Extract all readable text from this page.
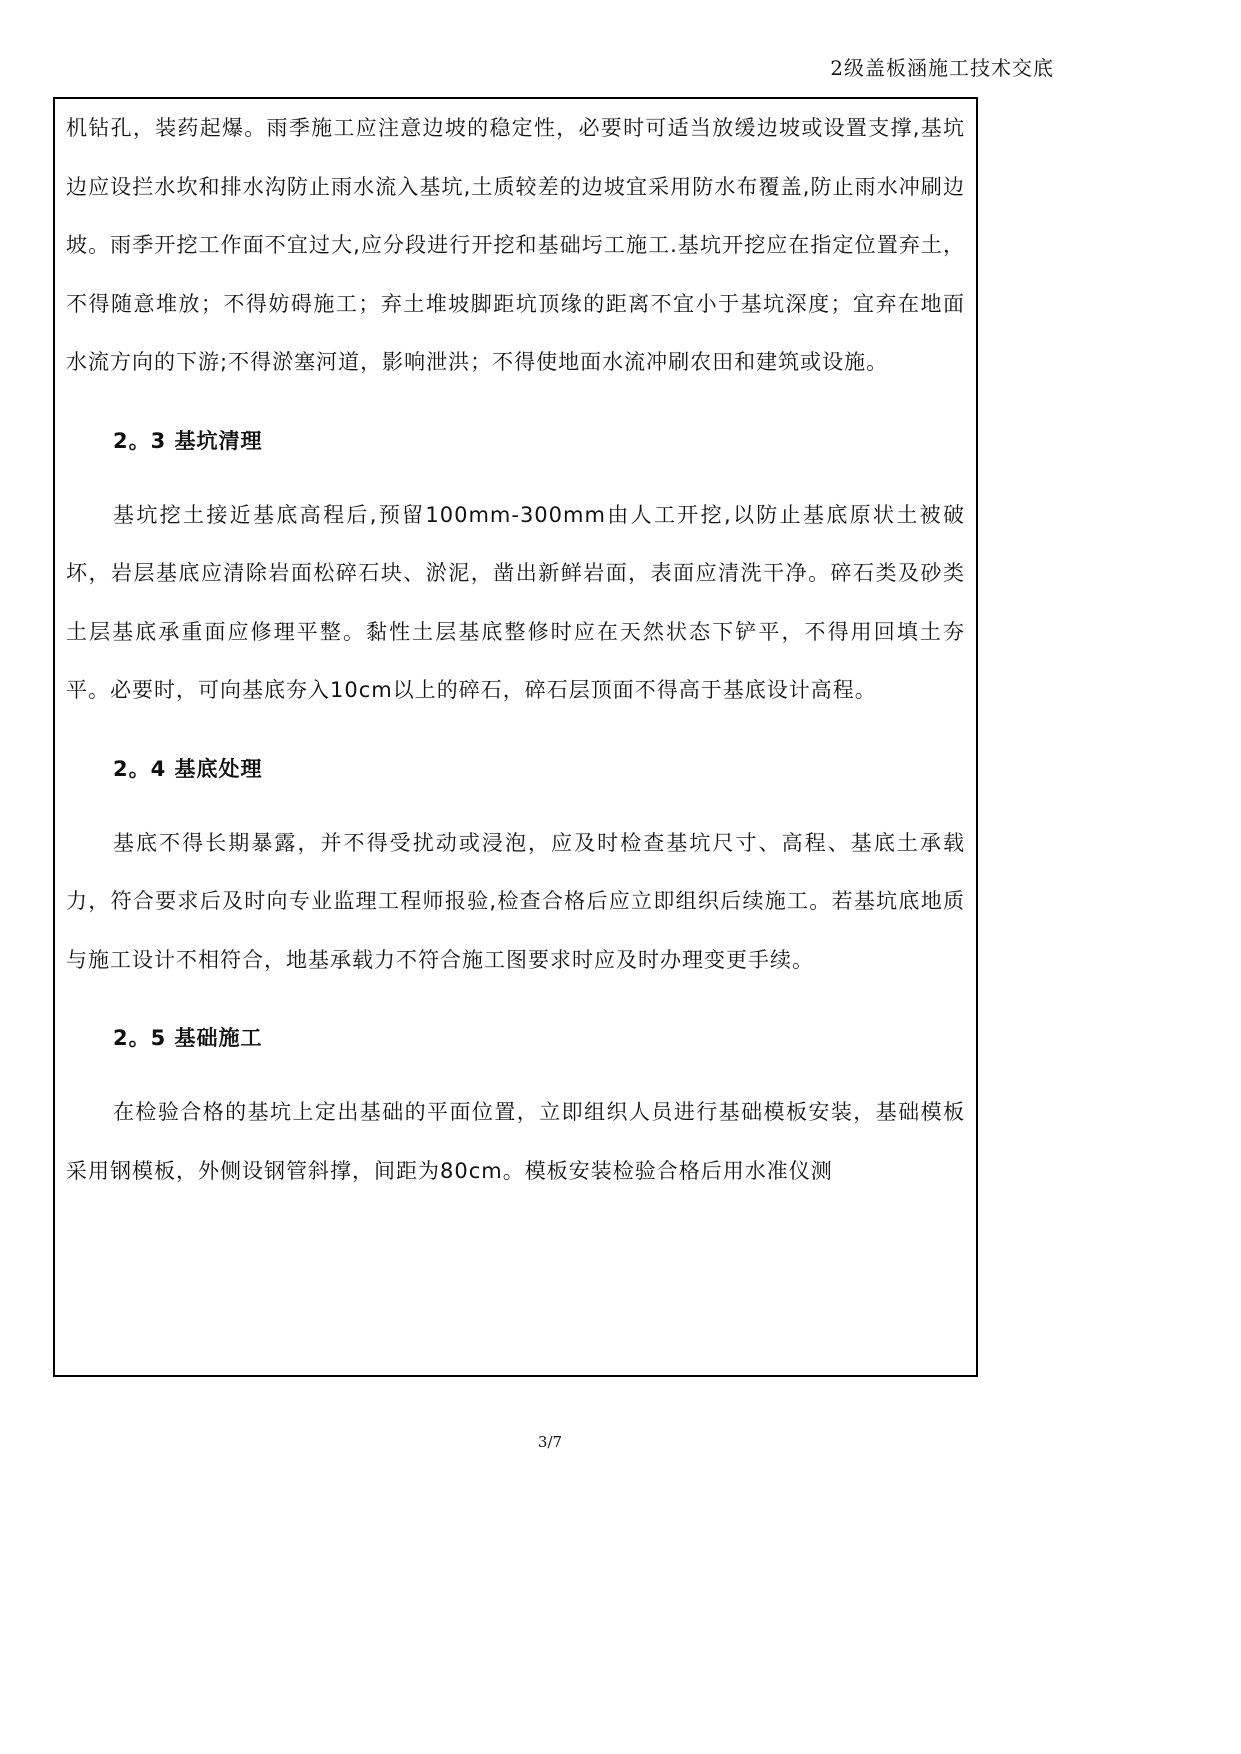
2级盖板涵施工技术交底

机钻孔，装药起爆。雨季施工应注意边坡的稳定性，必要时可适当放缓边坡或设置支撑,基坑边应设拦水坎和排水沟防止雨水流入基坑,土质较差的边坡宜采用防水布覆盖,防止雨水冲刷边坡。雨季开挖工作面不宜过大,应分段进行开挖和基础圬工施工.基坑开挖应在指定位置弃土，不得随意堆放；不得妨碍施工；弃土堆坡脚距坑顶缘的距离不宜小于基坑深度；宜弃在地面水流方向的下游;不得淤塞河道，影响泄洪；不得使地面水流冲刷农田和建筑或设施。

2。3 基坑清理

基坑挖土接近基底高程后,预留100mm-300mm由人工开挖,以防止基底原状土被破坏，岩层基底应清除岩面松碎石块、淤泥，凿出新鲜岩面，表面应清洗干净。碎石类及砂类土层基底承重面应修理平整。黏性土层基底整修时应在天然状态下铲平，不得用回填土夯平。必要时，可向基底夯入10cm以上的碎石，碎石层顶面不得高于基底设计高程。

2。4 基底处理

基底不得长期暴露，并不得受扰动或浸泡，应及时检查基坑尺寸、高程、基底土承载力，符合要求后及时向专业监理工程师报验,检查合格后应立即组织后续施工。若基坑底地质与施工设计不相符合，地基承载力不符合施工图要求时应及时办理变更手续。

2。5 基础施工

在检验合格的基坑上定出基础的平面位置，立即组织人员进行基础模板安装，基础模板采用钢模板，外侧设钢管斜撑，间距为80cm。模板安装检验合格后用水准仪测

3/7
